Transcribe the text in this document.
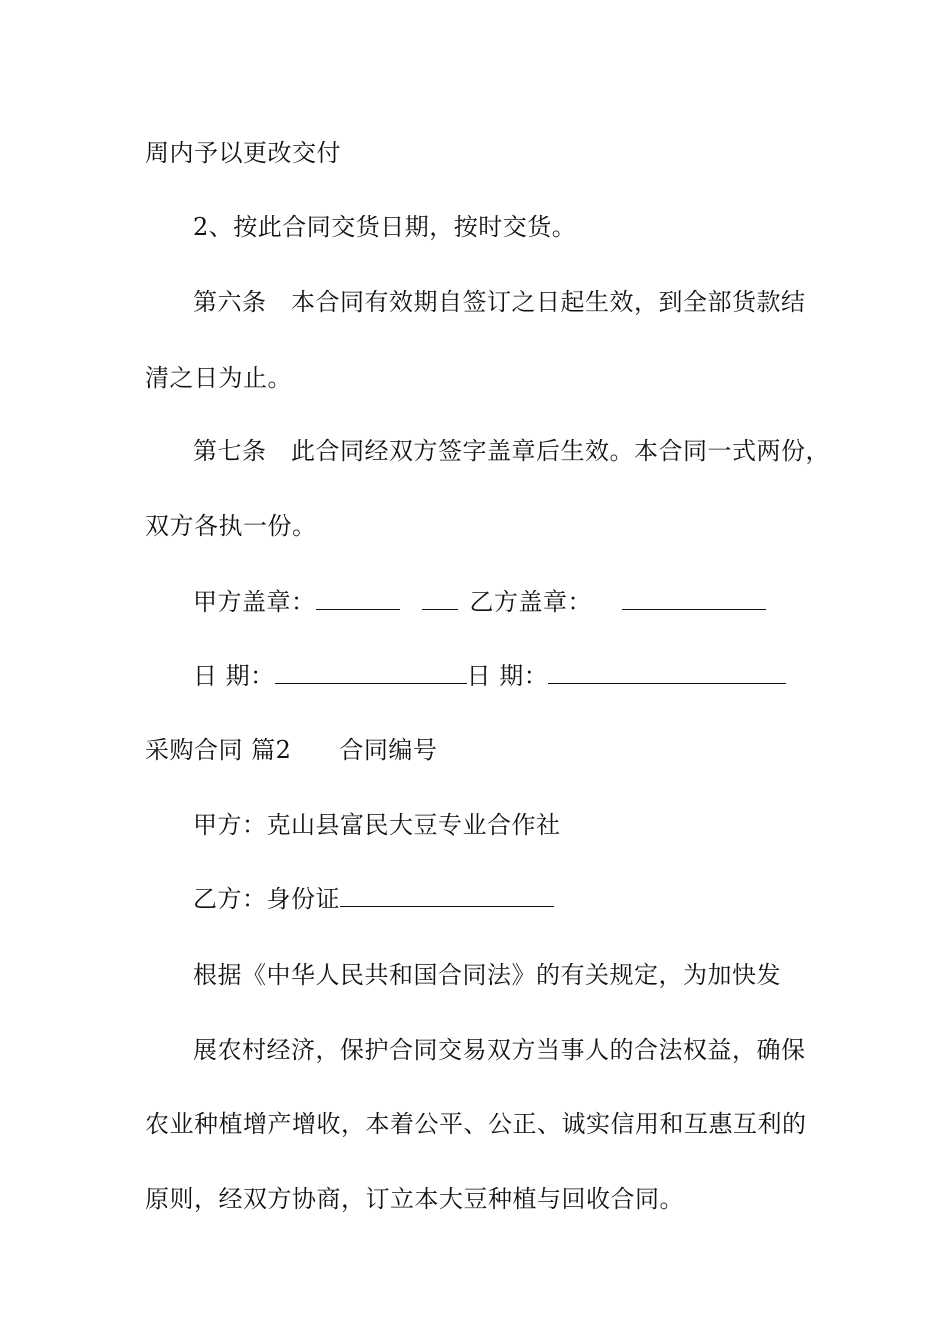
周内予以更改交付
2、按此合同交货日期，按时交货。
第六条　本合同有效期自签订之日起生效，到全部货款结
清之日为止。
第七条　此合同经双方签字盖章后生效。本合同一式两份，
双方各执一份。
甲方盖章：	乙方盖章：
日 期：	日 期：
采购合同 篇2 合同编号
甲方：克山县富民大豆专业合作社
乙方：身份证
根据《中华人民共和国合同法》的有关规定，为加快发
展农村经济，保护合同交易双方当事人的合法权益，确保
农业种植增产增收，本着公平、公正、诚实信用和互惠互利的
原则，经双方协商，订立本大豆种植与回收合同。
